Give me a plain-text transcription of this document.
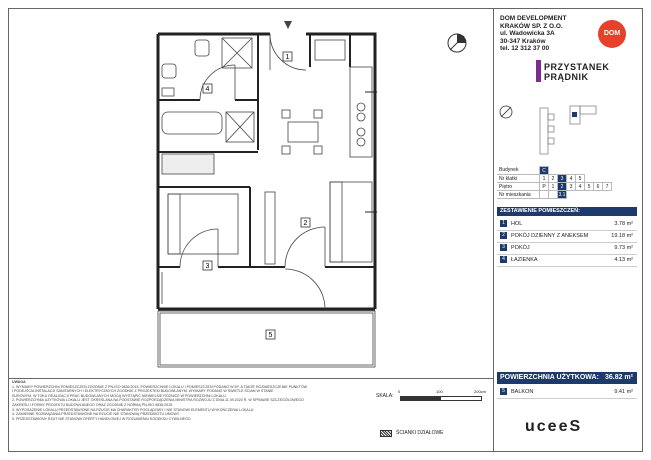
1
2
3
4
5
DOM DEVELOPMENT
KRAKÓW SP. Z O.O.
ul. Wadowicka 3A
30-347 Kraków
tel. 12 312 37 00
DOM
PRZYSTANEK
PRĄDNIK
Budynek	C							
Nr klatki	1	2	3	4	5			
Piętro	P	1	2	3	4	5	6	7
Nr mieszkania			3.1					
ZESTAWIENIE POMIESZCZEŃ:
1	HOL	3.78 m²
2	POKÓJ DZIENNY Z ANEKSEM	19.18 m²
3	POKÓJ	9.73 m²
4	ŁAZIENKA	4.13 m²
POWIERZCHNIA UŻYTKOWA: 36.82 m²
5	BALKON	9.41 m²
uceeS
UWAGA
1. WYMIARY POWIERZCHNI POMIESZCZEŃ ZGODNIE Z PN-ISO 9836:2015. POWIERZCHNIE LOKALU I POMIESZCZEŃ PODANO W M², A TAKŻE ROZMIESZCZENIE PUNKTÓW
I PODEJŚCIA INSTALACJI SANITARNYCH I ELEKTRYCZNYCH ZGODNIE Z PROJEKTEM BUDOWLANYM. WYMIARY PODANO W ŚWIETLE ŚCIAN W STANIE
SUROWYM. W TOKU REALIZACJI PRAC BUDOWLANYCH MOGĄ WYSTĄPIĆ NIEWIELKIE RÓŻNICE W POWIERZCHNI LOKALU.
2. POWIERZCHNIA UŻYTKOWA LOKALU JEST OKREŚLANA NA PODSTAWIE ROZPORZĄDZENIA MINISTRA ROZWOJU Z DNIA 11.09.2020 R. W SPRAWIE SZCZEGÓŁOWEGO
ZAKRESU I FORMY PROJEKTU BUDOWLANEGO ORAZ ZGODNIE Z NORMĄ PN-ISO 9836:2015.
3. WYPOSAŻENIE LOKALU PRZEDSTAWIONE NA RZUCIE MA CHARAKTER POGLĄDOWY I NIE STANOWI ELEMENTU WYKOŃCZENIA LOKALU.
4. ZAMIENNE ROZWIĄZANIA PRZEDSTAWIONE NA RZUCIE NIE STANOWIĄ PRZEDMIOTU UMOWY.
5. PRZEDSTAWIONY RZUT NIE STANOWI OFERTY HANDLOWEJ W ROZUMIENIU KODEKSU CYWILNEGO.
SKALA:
0	100	200cm
ŚCIANKI DZIAŁOWE
